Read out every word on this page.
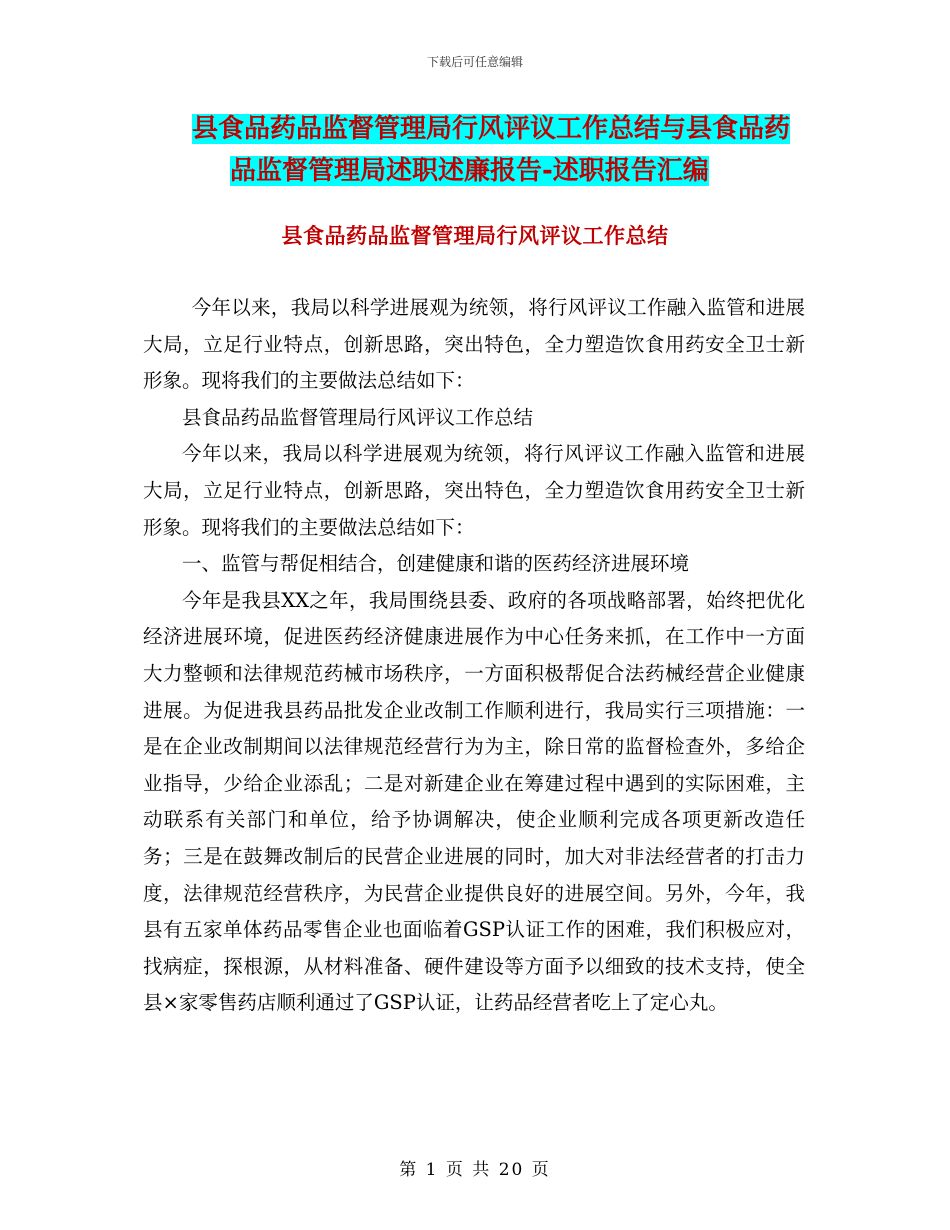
下载后可任意编辑
县食品药品监督管理局行风评议工作总结与县食品药
品监督管理局述职述廉报告-述职报告汇编
县食品药品监督管理局行风评议工作总结

今年以来，我局以科学进展观为统领，将行风评议工作融入监管和进展大局，立足行业特点，创新思路，突出特色，全力塑造饮食用药安全卫士新形象。现将我们的主要做法总结如下：

县食品药品监督管理局行风评议工作总结

今年以来，我局以科学进展观为统领，将行风评议工作融入监管和进展大局，立足行业特点，创新思路，突出特色，全力塑造饮食用药安全卫士新形象。现将我们的主要做法总结如下：

一、监管与帮促相结合，创建健康和谐的医药经济进展环境

今年是我县XX之年，我局围绕县委、政府的各项战略部署，始终把优化经济进展环境，促进医药经济健康进展作为中心任务来抓，在工作中一方面大力整顿和法律规范药械市场秩序，一方面积极帮促合法药械经营企业健康进展。为促进我县药品批发企业改制工作顺利进行，我局实行三项措施：一是在企业改制期间以法律规范经营行为为主，除日常的监督检查外，多给企业指导，少给企业添乱；二是对新建企业在筹建过程中遇到的实际困难，主动联系有关部门和单位，给予协调解决，使企业顺利完成各项更新改造任务；三是在鼓舞改制后的民营企业进展的同时，加大对非法经营者的打击力度，法律规范经营秩序，为民营企业提供良好的进展空间。另外，今年，我县有五家单体药品零售企业也面临着GSP认证工作的困难，我们积极应对，找病症，探根源，从材料准备、硬件建设等方面予以细致的技术支持，使全县×家零售药店顺利通过了GSP认证，让药品经营者吃上了定心丸。

第 1 页 共 20 页
